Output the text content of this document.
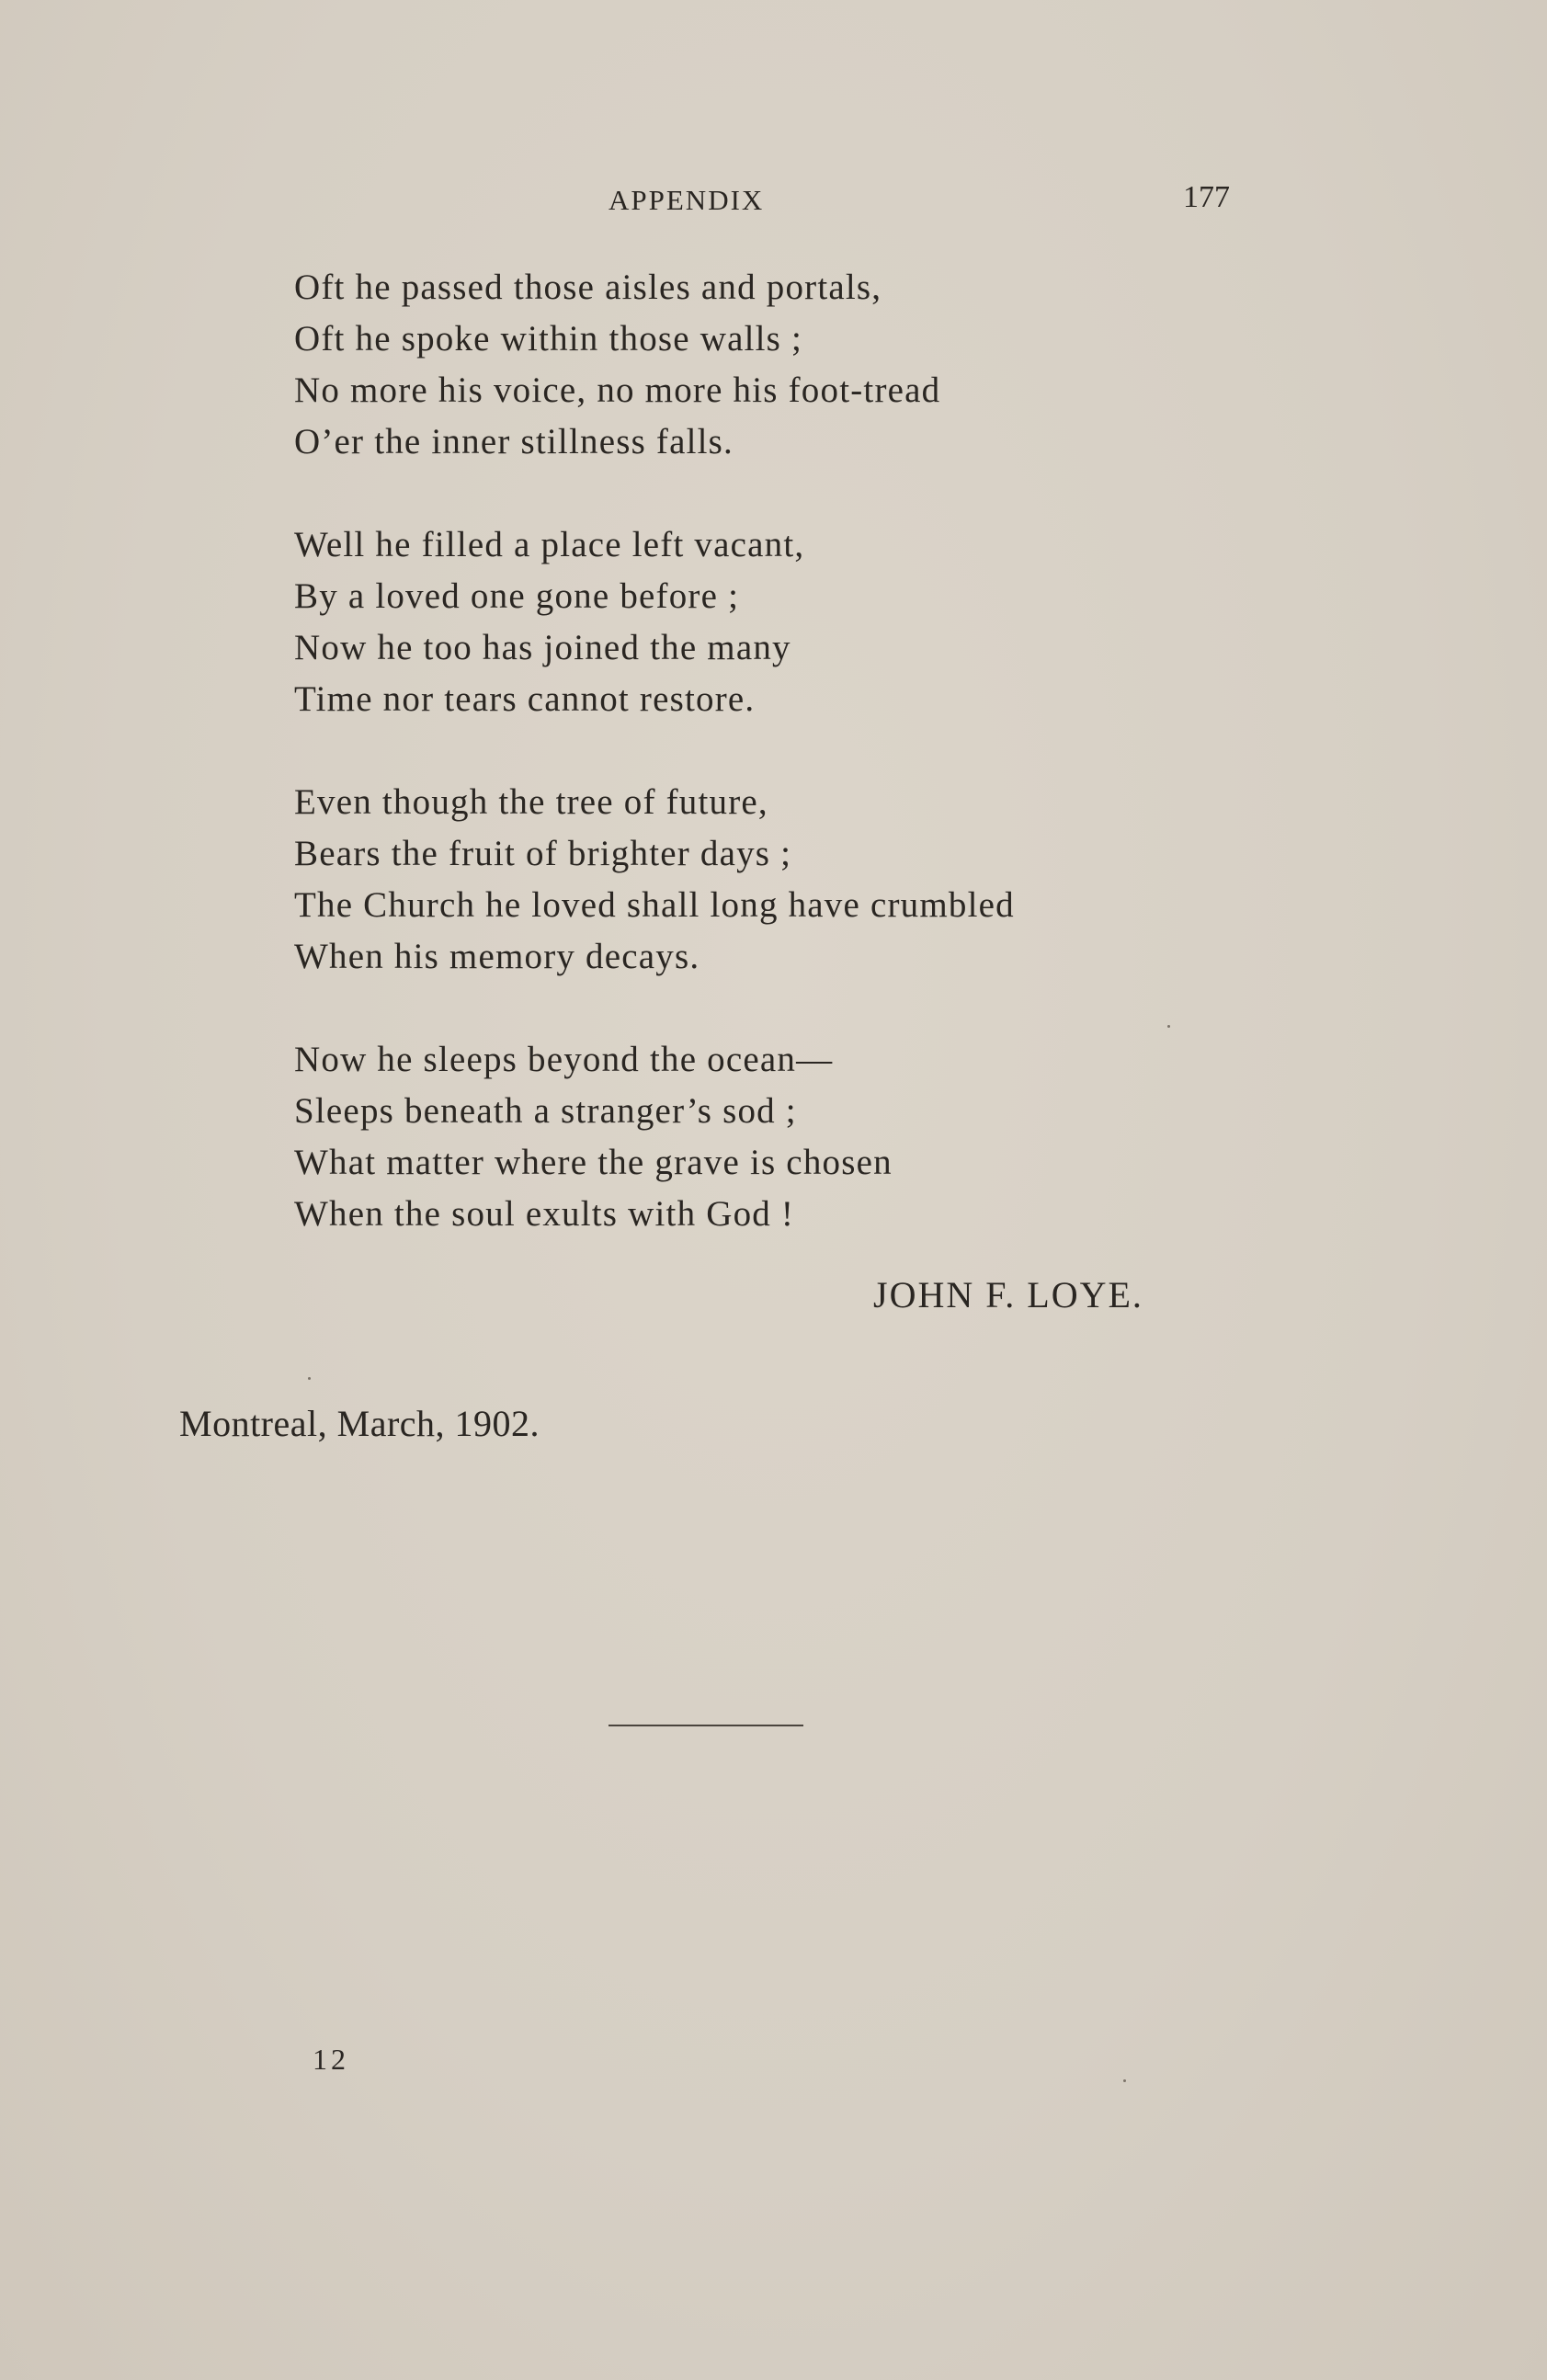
APPENDIX	177
Oft he passed those aisles and portals,
Oft he spoke within those walls ;
No more his voice, no more his foot-tread
O’er the inner stillness falls.
Well he filled a place left vacant,
By a loved one gone before ;
Now he too has joined the many
Time nor tears cannot restore.
Even though the tree of future,
Bears the fruit of brighter days ;
The Church he loved shall long have crumbled
When his memory decays.
Now he sleeps beyond the ocean—
Sleeps beneath a stranger’s sod ;
What matter where the grave is chosen
When the soul exults with God !
JOHN F. LOYE.
Montreal, March, 1902.
12
